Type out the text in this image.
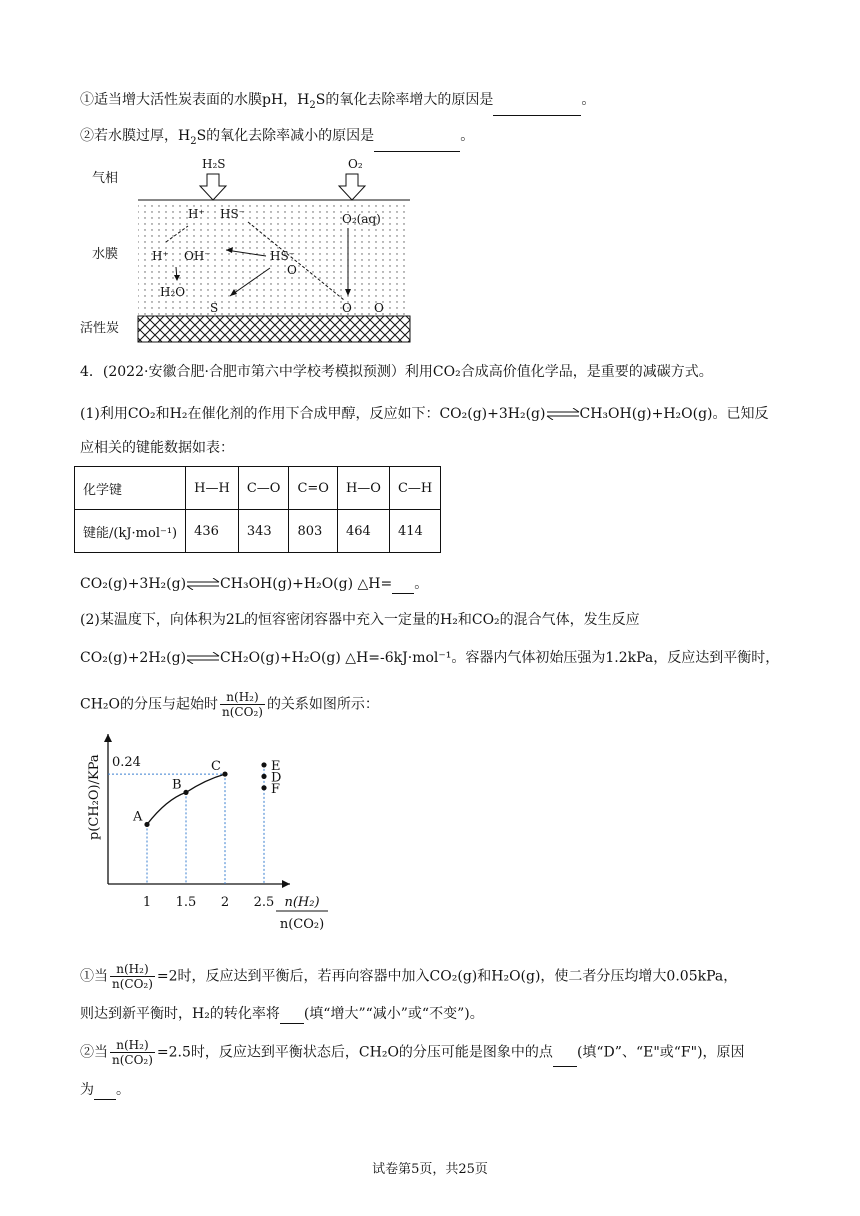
①适当增大活性炭表面的水膜pH，$H_2S$的氧化去除率增大的原因是	。
②若水膜过厚，$H_2S$的氧化去除率减小的原因是	。
气相
水膜
活性炭
H₂S	O₂
H⁺ HS⁻	O₂(aq)
H⁺ OH⁻	HS⁻
O
H₂O
S	O O
4．(2022·安徽合肥·合肥市第六中学校考模拟预测）利用CO₂合成高价值化学品，是重要的减碳方式。
(1)利用CO₂和H₂在催化剂的作用下合成甲醇，反应如下：CO₂(g)+3H₂(g)⇌CH₃OH(g)+H₂O(g)。已知反
应相关的键能数据如表：
化学键	H—H	C—O	C=O	H—O	C—H
键能/(kJ·mol⁻¹)	436	343	803	464	414
CO₂(g)+3H₂(g)⇌CH₃OH(g)+H₂O(g) △H= 。
(2)某温度下，向体积为2L的恒容密闭容器中充入一定量的H₂和CO₂的混合气体，发生反应
CO₂(g)+2H₂(g)⇌CH₂O(g)+H₂O(g) △H=-6kJ·mol⁻¹。容器内气体初始压强为1.2kPa，反应达到平衡时，
CH₂O的分压与起始时 $\frac{\text{n(H₂)}}{\text{n(CO₂)}}$ 的关系如图所示：
p(CH₂O)/KPa 0.24
1 1.5 2 2.5
A
B
C	E
D
F
n(H₂)
n(CO₂)
①当 $\frac{\text{n(H₂)}}{\text{n(CO₂)}} =2$时，反应达到平衡后，若再向容器中加入CO₂(g)和H₂O(g)，使二者分压均增大0.05kPa，
则达到新平衡时，H₂的转化率将 (填“增大”“减小”或“不变”)。
②当 $\frac{\text{n(H₂)}}{\text{n(CO₂)}} =2.5$时，反应达到平衡状态后，CH₂O的分压可能是图象中的点 (填“D”、“E"或“F")，原因
为 。
试卷第5页，共25页
